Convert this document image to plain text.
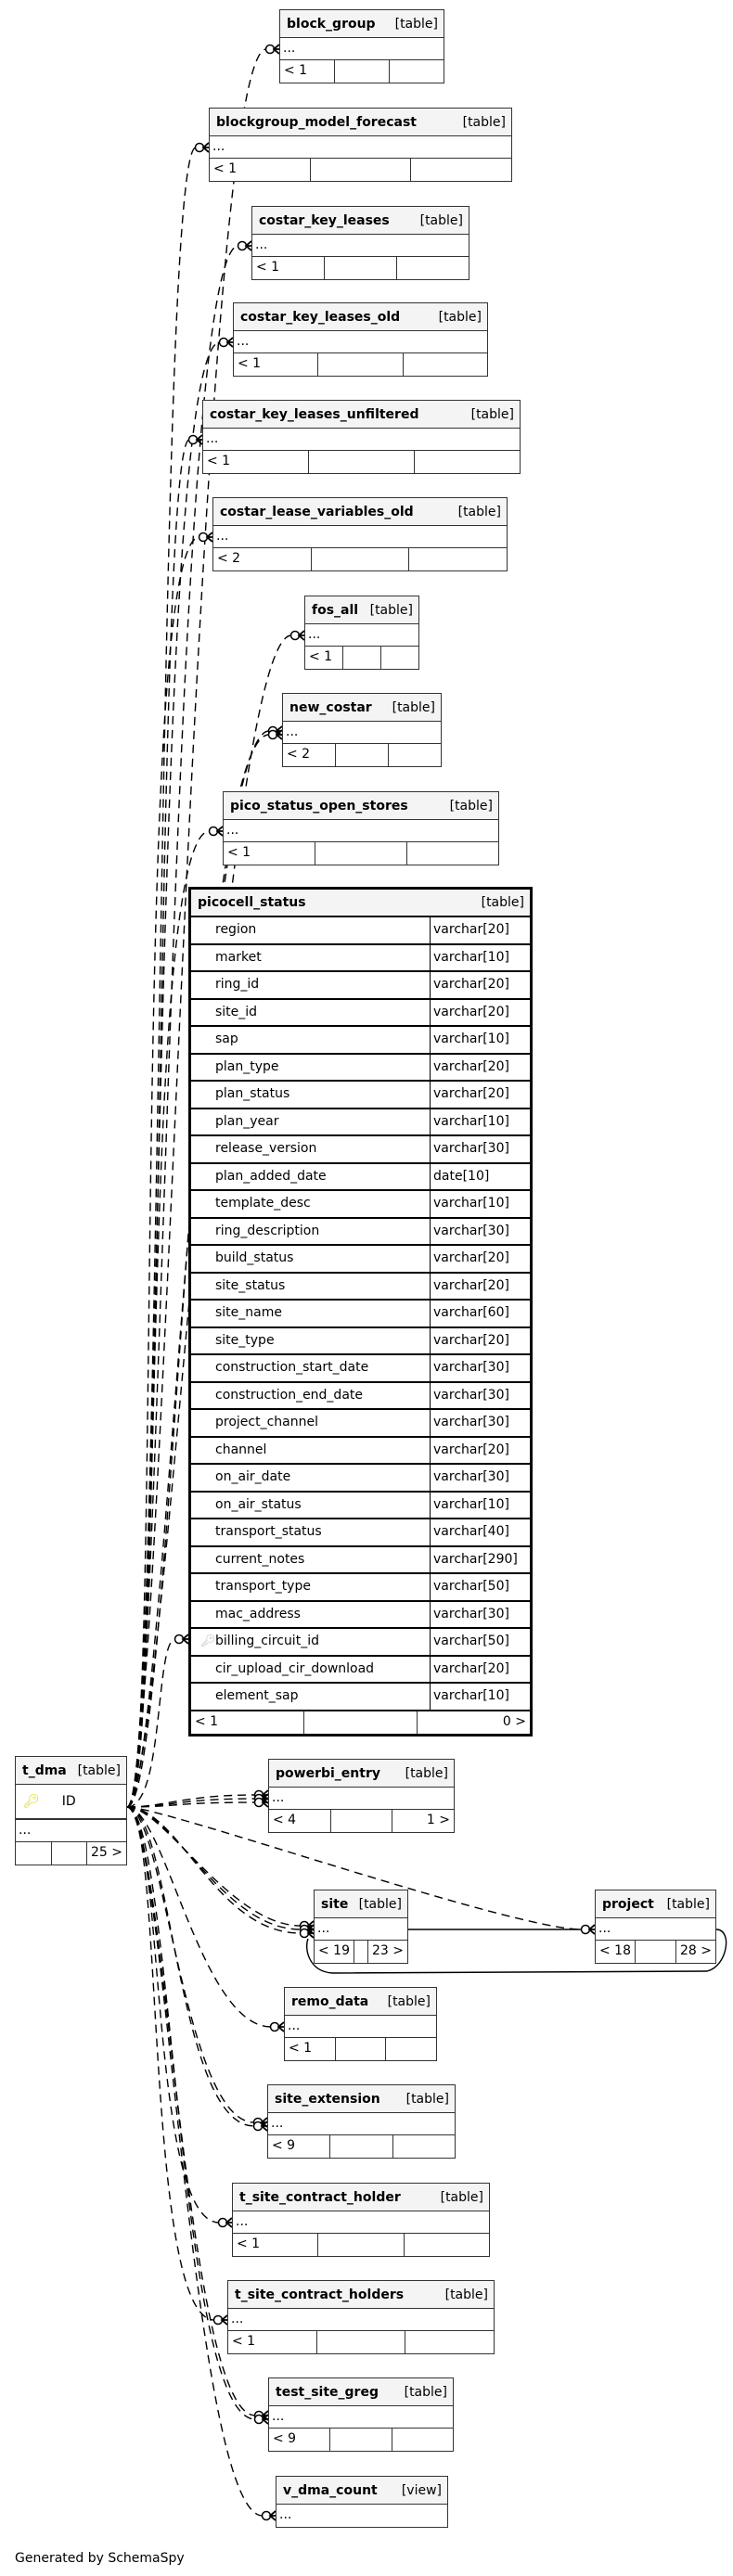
block_group [table]
...
< 1
blockgroup_model_forecast	[table]
...
< 1
costar_key_leases [table]
...
< 1
costar_key_leases_old	[table]
...
< 1
costar_key_leases_unfiltered	[table]
...
< 1
costar_lease_variables_old	[table]
...
< 2
fos_all [table]
...
< 1
new_costar [table]
...
< 2
pico_status_open_stores	[table]
...
< 1
powerbi_entry [table]
...
< 4	1 >
site [table]
...
< 19	23 >
project [table]
...
< 18	28 >
remo_data [table]
...
< 1
site_extension [table]
...
< 9
t_site_contract_holder	[table]
...
< 1
t_site_contract_holders	[table]
...
< 1
test_site_greg [table]
...
< 9
v_dma_count [view]
...
t_dma [table]
🔑︎ ID
...
25 >
picocell_status	[table]
region	varchar[20]
market	varchar[10]
ring_id	varchar[20]
site_id	varchar[20]
sap	varchar[10]
plan_type	varchar[20]
plan_status	varchar[20]
plan_year	varchar[10]
release_version	varchar[30]
plan_added_date	date[10]
template_desc	varchar[10]
ring_description	varchar[30]
build_status	varchar[20]
site_status	varchar[20]
site_name	varchar[60]
site_type	varchar[20]
construction_start_date	varchar[30]
construction_end_date	varchar[30]
project_channel	varchar[30]
channel	varchar[20]
on_air_date	varchar[30]
on_air_status	varchar[10]
transport_status	varchar[40]
current_notes	varchar[290]
transport_type	varchar[50]
mac_address	varchar[30]
🔑︎ billing_circuit_id	varchar[50]
cir_upload_cir_download	varchar[20]
element_sap	varchar[10]
< 1	0 >
Generated by SchemaSpy
